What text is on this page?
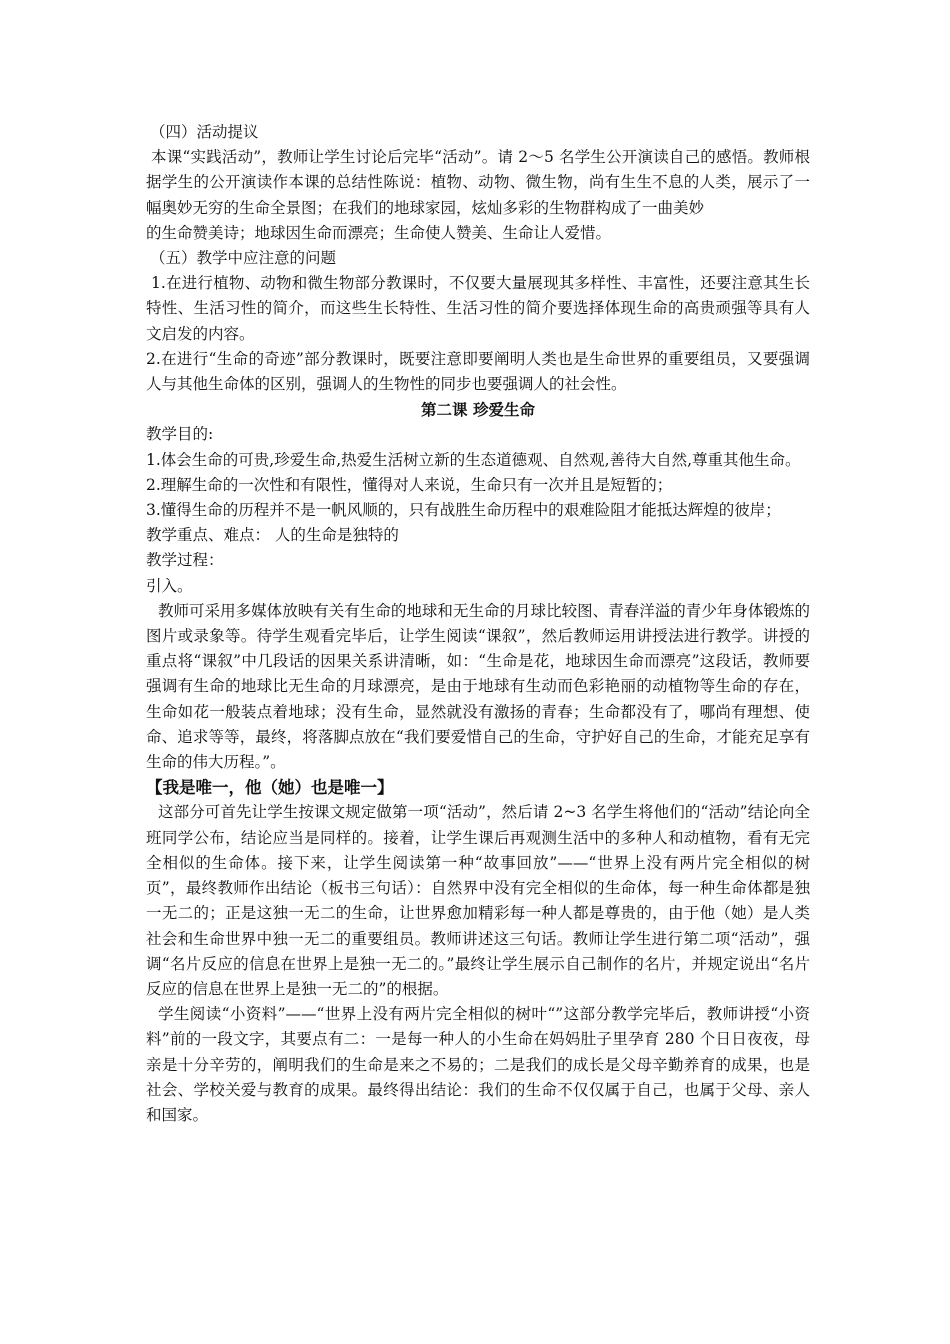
（四）活动提议

本课“实践活动”，教师让学生讨论后完毕“活动”。请 2～5 名学生公开演读自己的感悟。教师根据学生的公开演读作本课的总结性陈说：植物、动物、微生物，尚有生生不息的人类，展示了一幅奥妙无穷的生命全景图；在我们的地球家园，炫灿多彩的生物群构成了一曲美妙

的生命赞美诗；地球因生命而漂亮；生命使人赞美、生命让人爱惜。

（五）教学中应注意的问题

1.在进行植物、动物和微生物部分教课时，不仅要大量展现其多样性、丰富性，还要注意其生长特性、生活习性的简介，而这些生长特性、生活习性的简介要选择体现生命的高贵顽强等具有人文启发的内容。

2.在进行“生命的奇迹”部分教课时，既要注意即要阐明人类也是生命世界的重要组员，又要强调人与其他生命体的区别，强调人的生物性的同步也要强调人的社会性。

第二课 珍爱生命

教学目的:

1.体会生命的可贵,珍爱生命,热爱生活树立新的生态道德观、自然观,善待大自然,尊重其他生命。

2.理解生命的一次性和有限性，懂得对人来说，生命只有一次并且是短暂的；

3.懂得生命的历程并不是一帆风顺的，只有战胜生命历程中的艰难险阻才能抵达辉煌的彼岸；

教学重点、难点： 人的生命是独特的

教学过程：

引入。

教师可采用多媒体放映有关有生命的地球和无生命的月球比较图、青春洋溢的青少年身体锻炼的图片或录象等。待学生观看完毕后，让学生阅读“课叙”，然后教师运用讲授法进行教学。讲授的重点将“课叙”中几段话的因果关系讲清晰，如：“生命是花，地球因生命而漂亮”这段话，教师要强调有生命的地球比无生命的月球漂亮，是由于地球有生动而色彩艳丽的动植物等生命的存在，生命如花一般装点着地球；没有生命，显然就没有激扬的青春；生命都没有了，哪尚有理想、使命、追求等等，最终，将落脚点放在“我们要爱惜自己的生命，守护好自己的生命，才能充足享有生命的伟大历程。”。

【我是唯一，他（她）也是唯一】

这部分可首先让学生按课文规定做第一项“活动”，然后请 2~3 名学生将他们的“活动”结论向全班同学公布，结论应当是同样的。接着，让学生课后再观测生活中的多种人和动植物，看有无完全相似的生命体。接下来，让学生阅读第一种“故事回放”——“世界上没有两片完全相似的树页”，最终教师作出结论（板书三句话）：自然界中没有完全相似的生命体，每一种生命体都是独一无二的；正是这独一无二的生命，让世界愈加精彩每一种人都是尊贵的，由于他（她）是人类社会和生命世界中独一无二的重要组员。教师讲述这三句话。教师让学生进行第二项“活动”，强调“名片反应的信息在世界上是独一无二的。”最终让学生展示自己制作的名片，并规定说出“名片反应的信息在世界上是独一无二的”的根据。

学生阅读“小资料”——“世界上没有两片完全相似的树叶“”这部分教学完毕后，教师讲授“小资料”前的一段文字，其要点有二：一是每一种人的小生命在妈妈肚子里孕育 280 个日日夜夜，母亲是十分辛劳的，阐明我们的生命是来之不易的；二是我们的成长是父母辛勤养育的成果，也是社会、学校关爱与教育的成果。最终得出结论：我们的生命不仅仅属于自己，也属于父母、亲人和国家。
